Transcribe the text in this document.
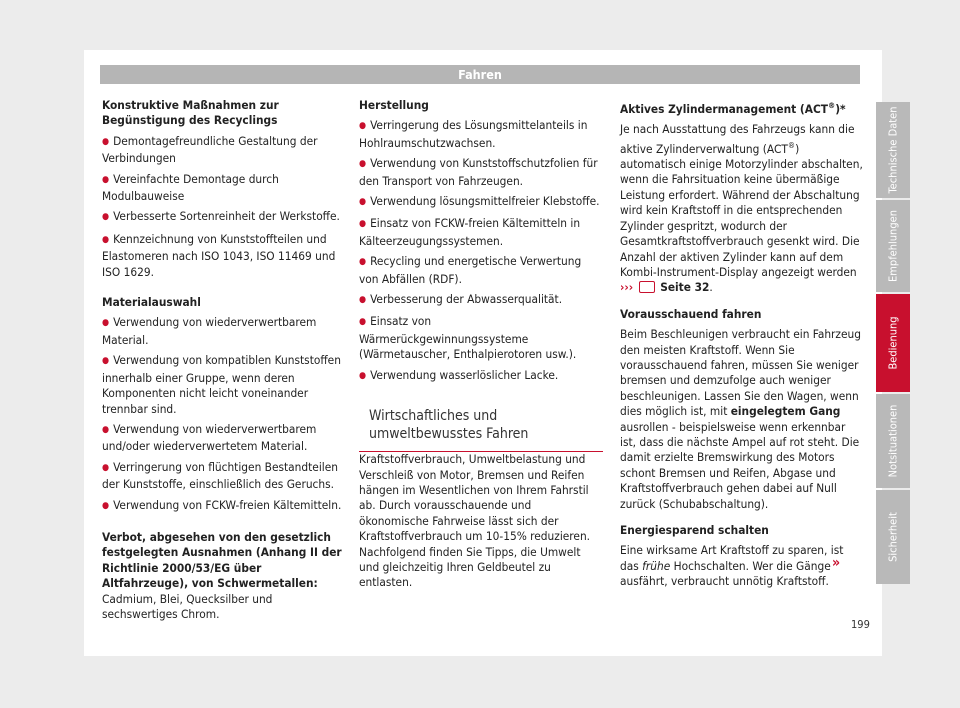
Fahren

Konstruktive Maßnahmen zur Begünstigung des Recyclings

● Demontagefreundliche Gestaltung der Verbindungen

● Vereinfachte Demontage durch Modulbauweise

● Verbesserte Sortenreinheit der Werkstoffe.

● Kennzeichnung von Kunststoffteilen und Elastomeren nach ISO 1043, ISO 11469 und ISO 1629.

Materialauswahl

● Verwendung von wiederverwertbarem Material.

● Verwendung von kompatiblen Kunststoffen innerhalb einer Gruppe, wenn deren Komponenten nicht leicht voneinander trennbar sind.

● Verwendung von wiederverwertbarem und/oder wiederverwertetem Material.

● Verringerung von flüchtigen Bestandteilen der Kunststoffe, einschließlich des Geruchs.

● Verwendung von FCKW-freien Kältemitteln.

Verbot, abgesehen von den gesetzlich festgelegten Ausnahmen (Anhang II der Richtlinie 2000/53/EG über Altfahrzeuge), von Schwermetallen: Cadmium, Blei, Quecksilber und sechswertiges Chrom.

Herstellung

● Verringerung des Lösungsmittelanteils in Hohlraumschutzwachsen.

● Verwendung von Kunststoffschutzfolien für den Transport von Fahrzeugen.

● Verwendung lösungsmittelfreier Klebstoffe.

● Einsatz von FCKW-freien Kältemitteln in Kälteerzeugungssystemen.

● Recycling und energetische Verwertung von Abfällen (RDF).

● Verbesserung der Abwasserqualität.

● Einsatz von Wärmerückgewinnungssysteme (Wärmetauscher, Enthalpierotoren usw.).

● Verwendung wasserlöslicher Lacke.

Wirtschaftliches und umweltbewusstes Fahren

Kraftstoffverbrauch, Umweltbelastung und Verschleiß von Motor, Bremsen und Reifen hängen im Wesentlichen von Ihrem Fahrstil ab. Durch vorausschauende und ökonomische Fahrweise lässt sich der Kraftstoffverbrauch um 10-15% reduzieren. Nachfolgend finden Sie Tipps, die Umwelt und gleichzeitig Ihren Geldbeutel zu entlasten.

Aktives Zylindermanagement (ACT®)*

Je nach Ausstattung des Fahrzeugs kann die aktive Zylinderverwaltung (ACT®) automatisch einige Motorzylinder abschalten, wenn die Fahrsituation keine übermäßige Leistung erfordert. Während der Abschaltung wird kein Kraftstoff in die entsprechenden Zylinder gespritzt, wodurch der Gesamtkraftstoffverbrauch gesenkt wird. Die Anzahl der aktiven Zylinder kann auf dem Kombi-Instrument-Display angezeigt werden ›››  Seite 32.

Vorausschauend fahren

Beim Beschleunigen verbraucht ein Fahrzeug den meisten Kraftstoff. Wenn Sie vorausschauend fahren, müssen Sie weniger bremsen und demzufolge auch weniger beschleunigen. Lassen Sie den Wagen, wenn dies möglich ist, mit eingelegtem Gang ausrollen - beispielsweise wenn erkennbar ist, dass die nächste Ampel auf rot steht. Die damit erzielte Bremswirkung des Motors schont Bremsen und Reifen, Abgase und Kraftstoffverbrauch gehen dabei auf Null zurück (Schubabschaltung).

Energiesparend schalten

Eine wirksame Art Kraftstoff zu sparen, ist das frühe Hochschalten. Wer die Gänge ausfährt, verbraucht unnötig Kraftstoff.

»
Technische Daten
Empfehlungen
Bedienung
Notsituationen
Sicherheit
199
